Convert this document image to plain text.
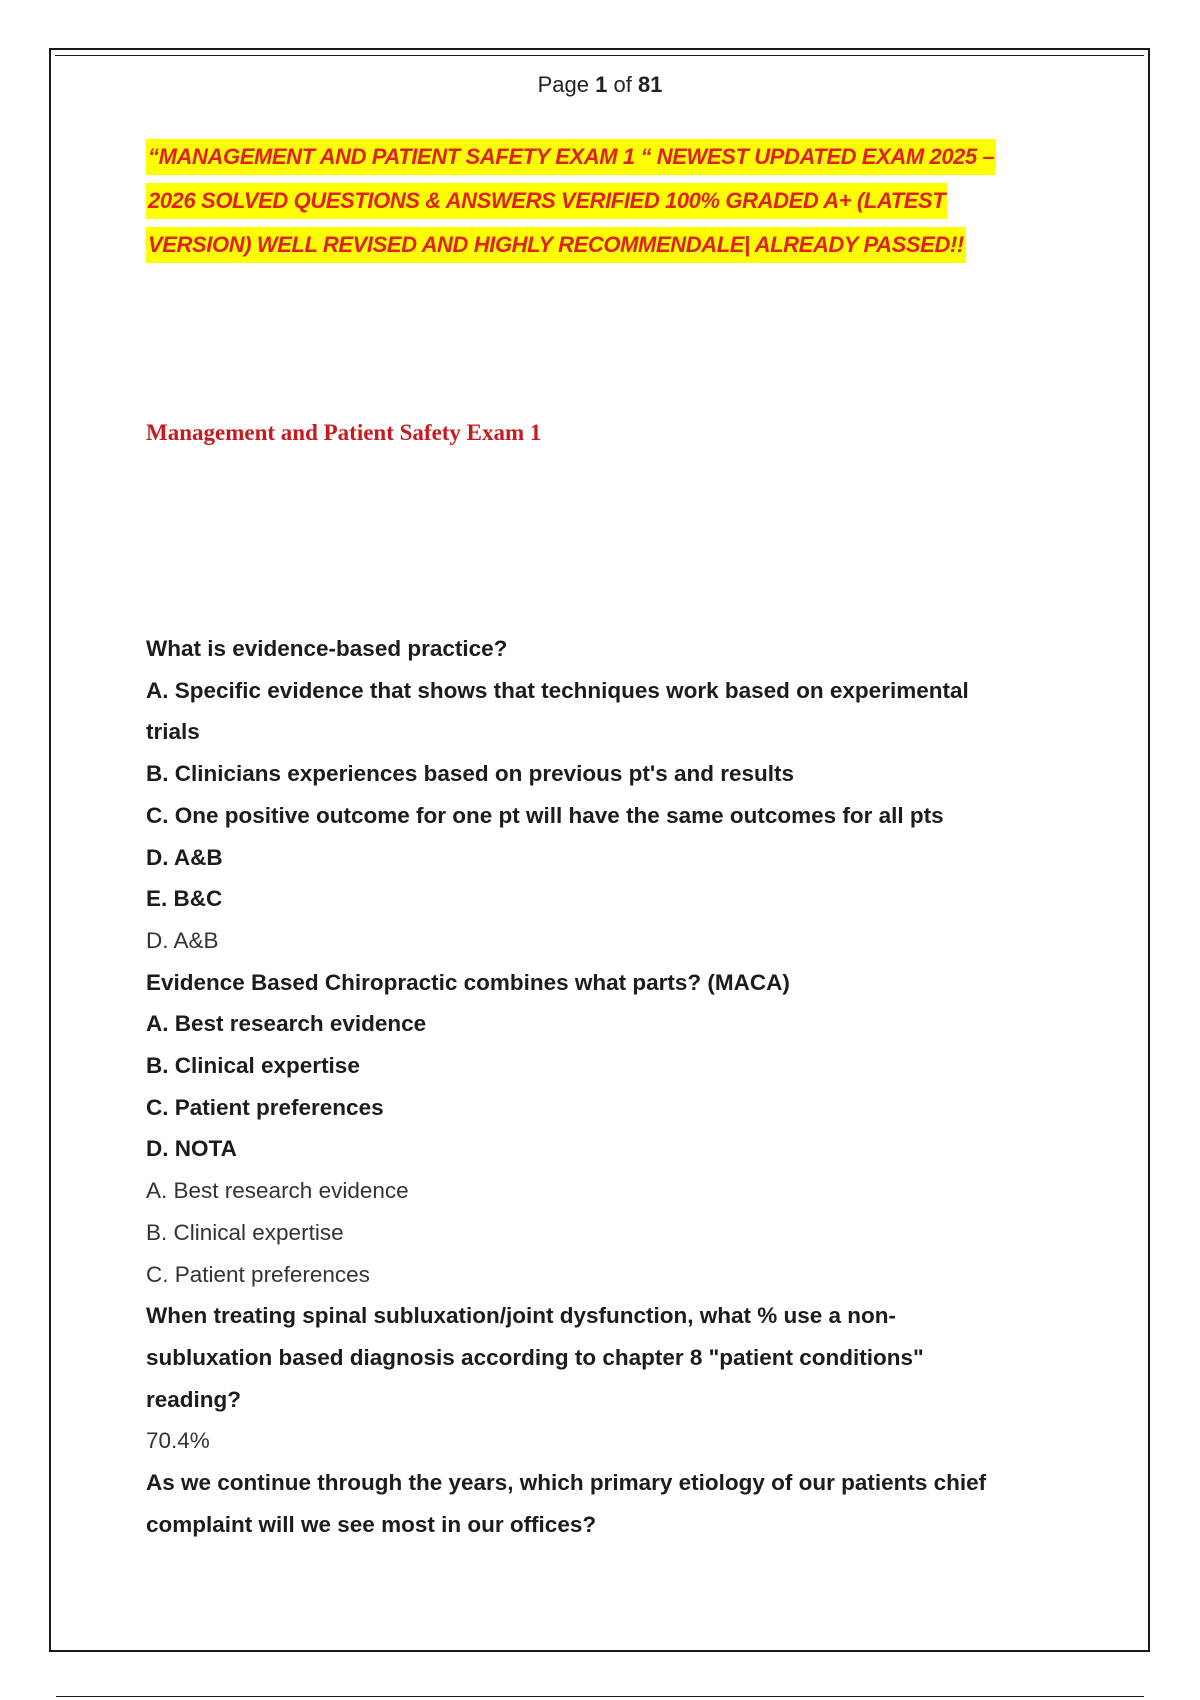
Page 1 of 81
“MANAGEMENT AND PATIENT SAFETY EXAM 1 “ NEWEST UPDATED EXAM 2025 –
2026 SOLVED QUESTIONS & ANSWERS VERIFIED 100% GRADED A+ (LATEST
VERSION) WELL REVISED AND HIGHLY RECOMMENDALE| ALREADY PASSED!!
Management and Patient Safety Exam 1

What is evidence-based practice?

A. Specific evidence that shows that techniques work based on experimental

trials

B. Clinicians experiences based on previous pt's and results

C. One positive outcome for one pt will have the same outcomes for all pts

D. A&B

E. B&C

D. A&B

Evidence Based Chiropractic combines what parts? (MACA)

A. Best research evidence

B. Clinical expertise

C. Patient preferences

D. NOTA

A. Best research evidence

B. Clinical expertise

C. Patient preferences

When treating spinal subluxation/joint dysfunction, what % use a non-

subluxation based diagnosis according to chapter 8 "patient conditions"

reading?

70.4%

As we continue through the years, which primary etiology of our patients chief

complaint will we see most in our offices?
